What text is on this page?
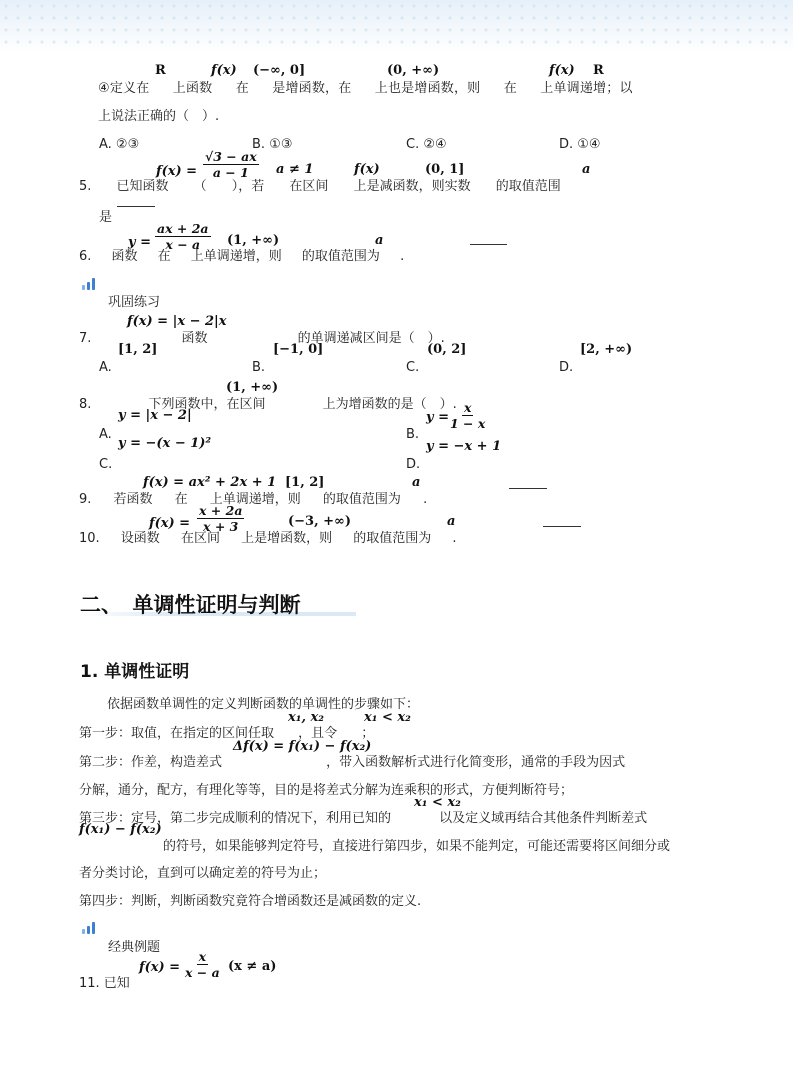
R	f(x) (−∞, 0]	(0, +∞)	f(x) R
④定义在 上函数 在 是增函数，在 上也是增函数，则 在 上单调递增；以
上说法正确的（　）.
A. ②③	B. ①③	C. ②④	D. ①④
$f(x) = \frac{√3 - ax}{a - 1}$ a ≠ 1	f(x)	(0, 1]	a
5. 已知函数 （ ），若 在区间 上是减函数，则实数 的取值范围
是
$y = \frac{ax + 2a}{x - a} (1$, +∞)	a
6. 函数 在 上单调递增，则 的取值范围为 .
巩固练习
f(x) = |x − 2|x
7. 函数 的单调递减区间是（　）.
[1, 2]	[−1, 0]	(0, 2]	[2, +∞)
A.	B.	C.	D.
(1, +∞)
8. 下列函数中，在区间 上为增函数的是（　）.
y = |x − 2|	$y = \frac{x}{1 - x}$
A.	B.
y = −(x − 1)²	y = −x + 1
C.	D.
f(x) = ax² + 2x + 1 [1, 2]	a
9. 若函数 在 上单调递增，则 的取值范围为 .
$f(x) = \frac{x + 2a}{x + 3}$	(−3, +∞)	a
10. 设函数 在区间 上是增函数，则 的取值范围为 .
二、　单调性证明与判断
1. 单调性证明
依据函数单调性的定义判断函数的单调性的步骤如下：
x₁, x₂	x₁ < x₂
第一步：取值，在指定的区间任取 ，且令 ；
Δf(x) = f(x₁) − f(x₂)
第二步：作差，构造差式 ，带入函数解析式进行化简变形，通常的手段为因式
分解，通分，配方，有理化等等，目的是将差式分解为连乘积的形式，方便判断符号；
x₁ < x₂
第三步：定号，第二步完成顺利的情况下，利用已知的 以及定义域再结合其他条件判断差式
f(x₁) − f(x₂)
的符号，如果能够判定符号，直接进行第四步，如果不能判定，可能还需要将区间细分或
者分类讨论，直到可以确定差的符号为止；
第四步：判断，判断函数究竟符合增函数还是减函数的定义.
经典例题
$f(x) = \frac{x}{x - a} (x \ne a)$
11. 已知
